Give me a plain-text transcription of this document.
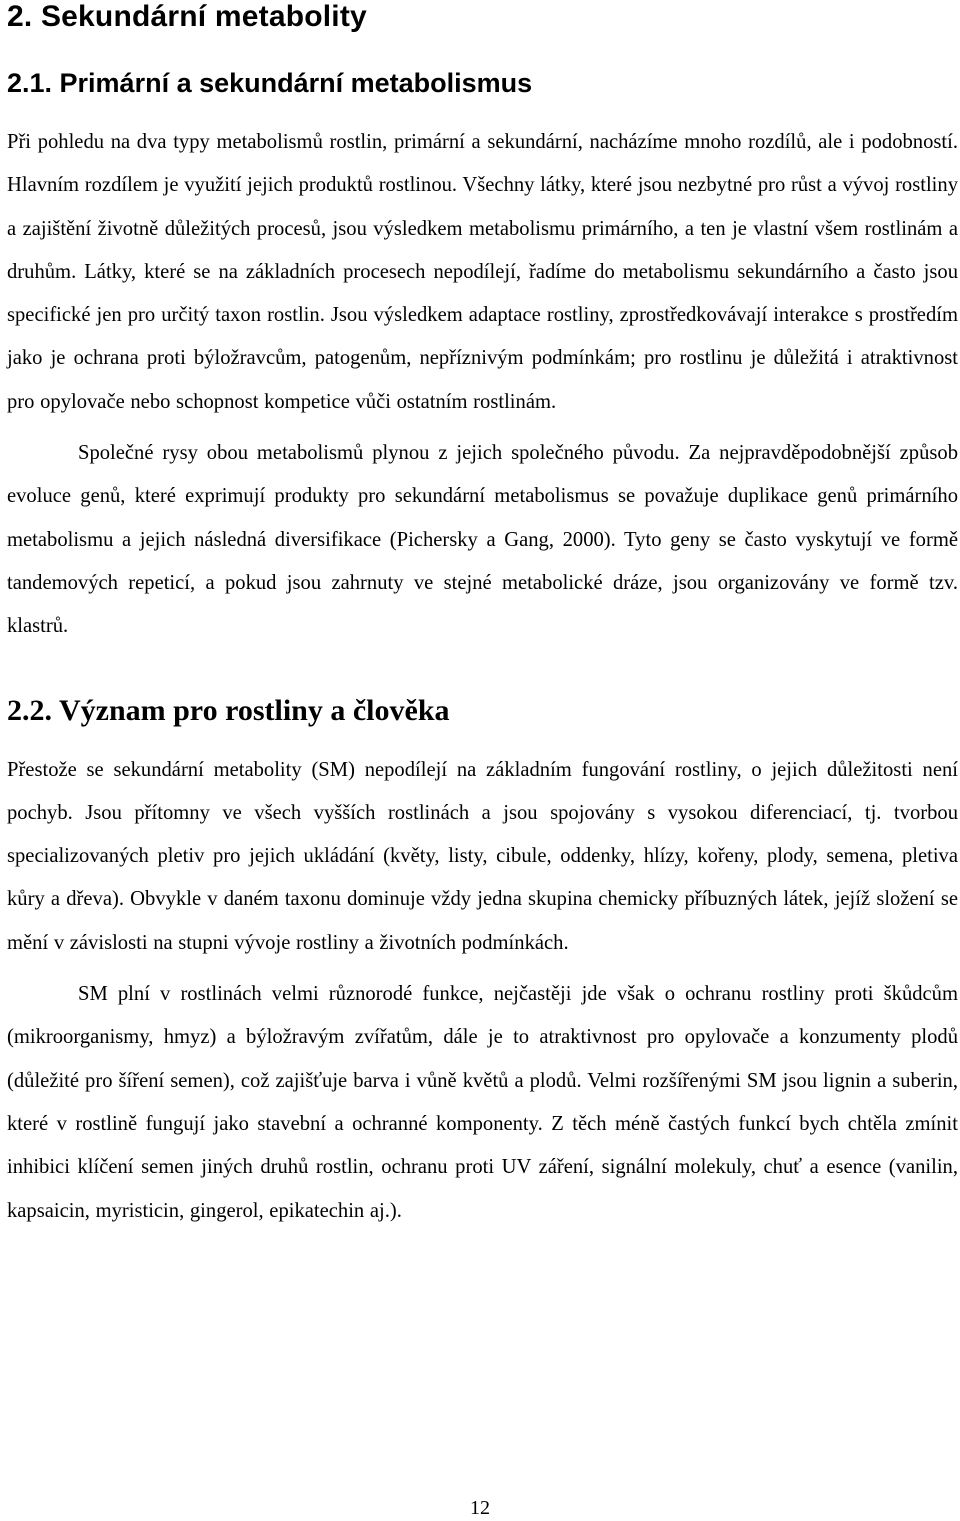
2. Sekundární metabolity
2.1. Primární a sekundární metabolismus

Při pohledu na dva typy metabolismů rostlin, primární a sekundární, nacházíme mnoho rozdílů, ale i podobností. Hlavním rozdílem je využití jejich produktů rostlinou. Všechny látky, které jsou nezbytné pro růst a vývoj rostliny a zajištění životně důležitých procesů, jsou výsledkem metabolismu primárního, a ten je vlastní všem rostlinám a druhům. Látky, které se na základních procesech nepodílejí, řadíme do metabolismu sekundárního a často jsou specifické jen pro určitý taxon rostlin. Jsou výsledkem adaptace rostliny, zprostředkovávají interakce s prostředím jako je ochrana proti býložravcům, patogenům, nepříznivým podmínkám; pro rostlinu je důležitá i atraktivnost pro opylovače nebo schopnost kompetice vůči ostatním rostlinám.

Společné rysy obou metabolismů plynou z jejich společného původu. Za nejpravděpodobnější způsob evoluce genů, které exprimují produkty pro sekundární metabolismus se považuje duplikace genů primárního metabolismu a jejich následná diversifikace (Pichersky a Gang, 2000). Tyto geny se často vyskytují ve formě tandemových repeticí, a pokud jsou zahrnuty ve stejné metabolické dráze, jsou organizovány ve formě tzv. klastrů.

2.2. Význam pro rostliny a člověka

Přestože se sekundární metabolity (SM) nepodílejí na základním fungování rostliny, o jejich důležitosti není pochyb. Jsou přítomny ve všech vyšších rostlinách a jsou spojovány s vysokou diferenciací, tj. tvorbou specializovaných pletiv pro jejich ukládání (květy, listy, cibule, oddenky, hlízy, kořeny, plody, semena, pletiva kůry a dřeva). Obvykle v daném taxonu dominuje vždy jedna skupina chemicky příbuzných látek, jejíž složení se mění v závislosti na stupni vývoje rostliny a životních podmínkách.

SM plní v rostlinách velmi různorodé funkce, nejčastěji jde však o ochranu rostliny proti škůdcům (mikroorganismy, hmyz) a býložravým zvířatům, dále je to atraktivnost pro opylovače a konzumenty plodů (důležité pro šíření semen), což zajišťuje barva i vůně květů a plodů. Velmi rozšířenými SM jsou lignin a suberin, které v rostlině fungují jako stavební a ochranné komponenty. Z těch méně častých funkcí bych chtěla zmínit inhibici klíčení semen jiných druhů rostlin, ochranu proti UV záření, signální molekuly, chuť a esence (vanilin, kapsaicin, myristicin, gingerol, epikatechin aj.).

12
